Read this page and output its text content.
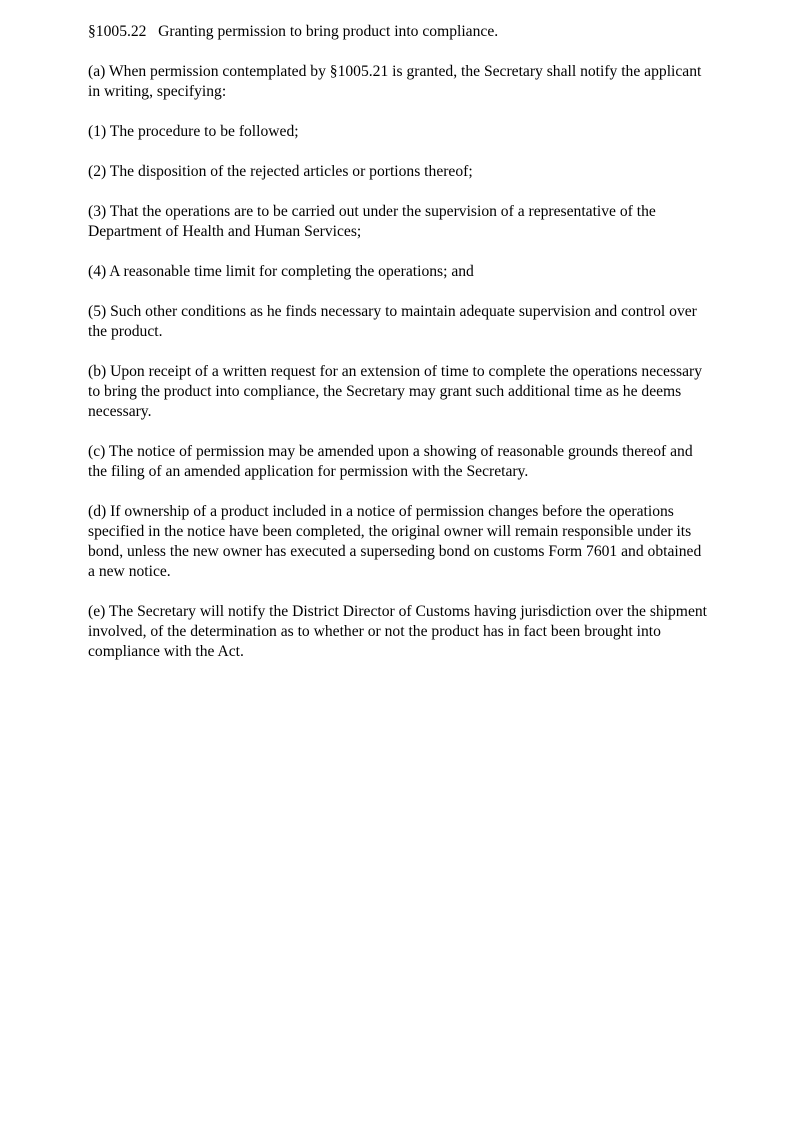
§1005.22   Granting permission to bring product into compliance.

(a) When permission contemplated by §1005.21 is granted, the Secretary shall notify the applicant in writing, specifying:

(1) The procedure to be followed;

(2) The disposition of the rejected articles or portions thereof;

(3) That the operations are to be carried out under the supervision of a representative of the Department of Health and Human Services;

(4) A reasonable time limit for completing the operations; and

(5) Such other conditions as he finds necessary to maintain adequate supervision and control over the product.

(b) Upon receipt of a written request for an extension of time to complete the operations necessary to bring the product into compliance, the Secretary may grant such additional time as he deems necessary.

(c) The notice of permission may be amended upon a showing of reasonable grounds thereof and the filing of an amended application for permission with the Secretary.

(d) If ownership of a product included in a notice of permission changes before the operations specified in the notice have been completed, the original owner will remain responsible under its bond, unless the new owner has executed a superseding bond on customs Form 7601 and obtained a new notice.

(e) The Secretary will notify the District Director of Customs having jurisdiction over the shipment involved, of the determination as to whether or not the product has in fact been brought into compliance with the Act.
